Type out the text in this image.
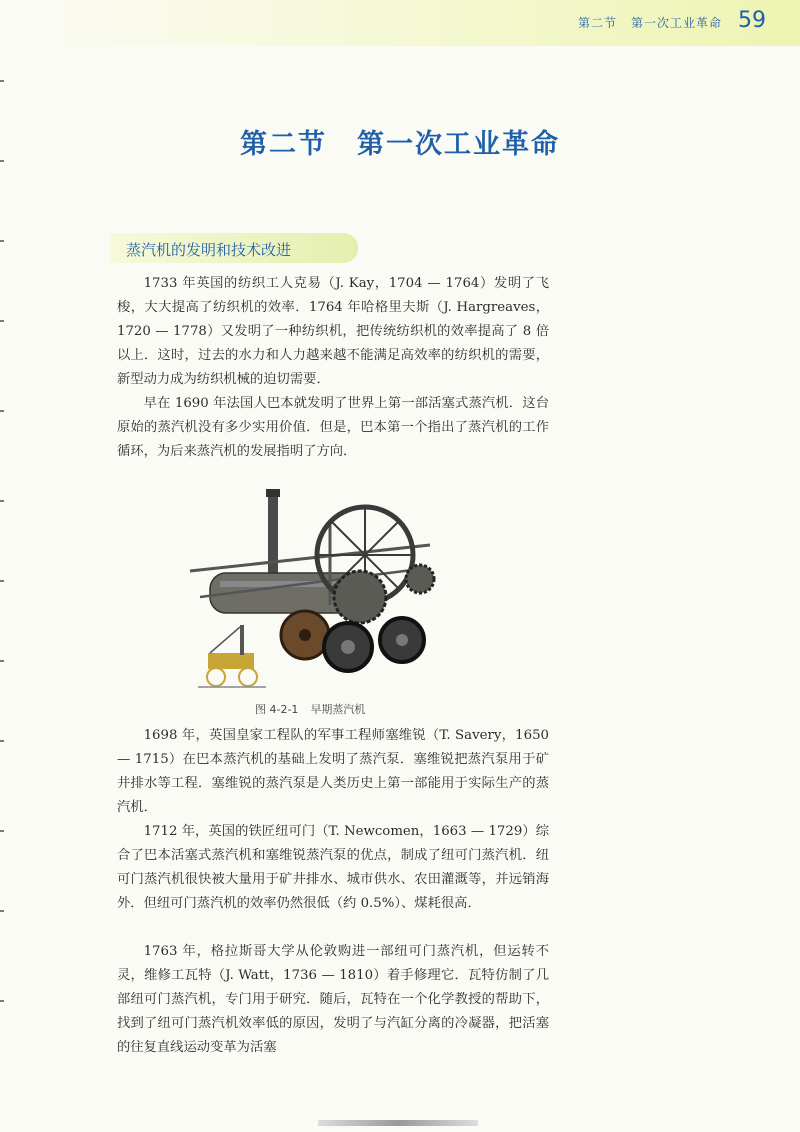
第二节 第一次工业革命 59
第二节 第一次工业革命
蒸汽机的发明和技术改进

1733 年英国的纺织工人克易（J. Kay，1704 — 1764）发明了飞梭，大大提高了纺织机的效率．1764 年哈格里夫斯（J. Hargreaves，1720 — 1778）又发明了一种纺织机，把传统纺织机的效率提高了 8 倍以上．这时，过去的水力和人力越来越不能满足高效率的纺织机的需要，新型动力成为纺织机械的迫切需要．

早在 1690 年法国人巴本就发明了世界上第一部活塞式蒸汽机．这台原始的蒸汽机没有多少实用价值．但是，巴本第一个指出了蒸汽机的工作循环，为后来蒸汽机的发展指明了方向．

图 4-2-1 早期蒸汽机

1698 年，英国皇家工程队的军事工程师塞维锐（T. Savery，1650 — 1715）在巴本蒸汽机的基础上发明了蒸汽泵．塞维锐把蒸汽泵用于矿井排水等工程．塞维锐的蒸汽泵是人类历史上第一部能用于实际生产的蒸汽机．

1712 年，英国的铁匠纽可门（T. Newcomen，1663 — 1729）综合了巴本活塞式蒸汽机和塞维锐蒸汽泵的优点，制成了纽可门蒸汽机．纽可门蒸汽机很快被大量用于矿井排水、城市供水、农田灌溉等，并远销海外．但纽可门蒸汽机的效率仍然很低（约 0.5%）、煤耗很高．

1763 年，格拉斯哥大学从伦敦购进一部纽可门蒸汽机，但运转不灵，维修工瓦特（J. Watt，1736 — 1810）着手修理它．瓦特仿制了几部纽可门蒸汽机，专门用于研究．随后，瓦特在一个化学教授的帮助下，找到了纽可门蒸汽机效率低的原因，发明了与汽缸分离的冷凝器，把活塞的往复直线运动变革为活塞
